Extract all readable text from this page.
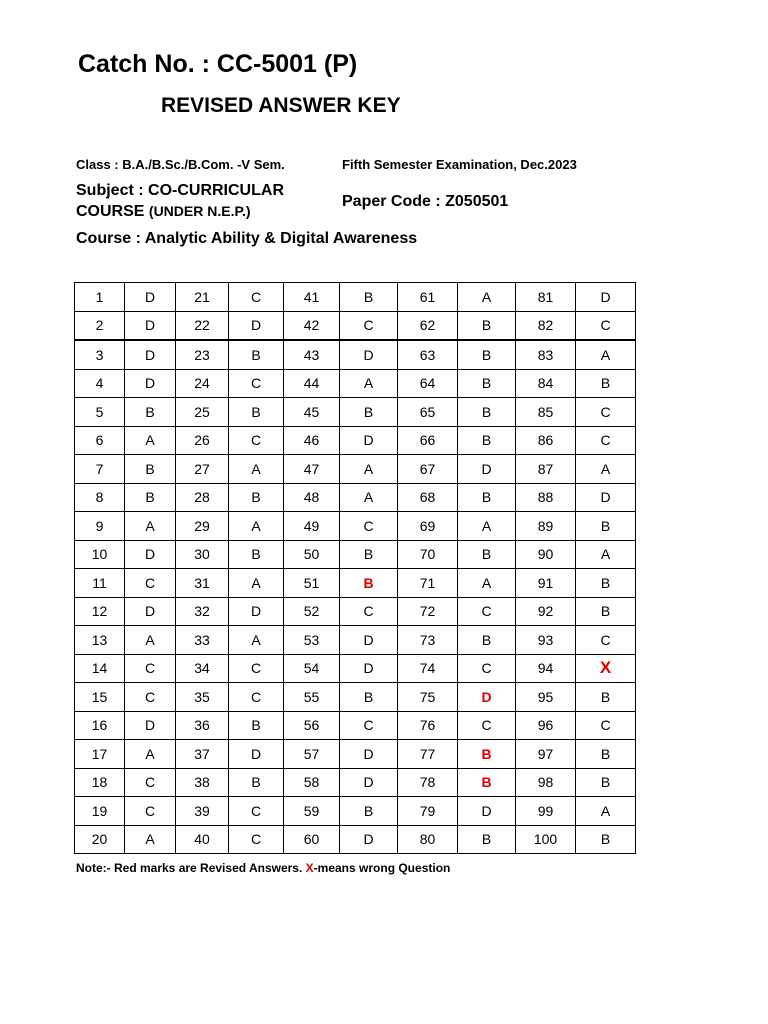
Catch No. : CC-5001 (P)
REVISED ANSWER KEY
Class : B.A./B.Sc./B.Com. -V Sem.	Fifth Semester Examination, Dec.2023
Subject : CO-CURRICULAR
COURSE (UNDER N.E.P.)
Paper Code : Z050501
Course : Analytic Ability & Digital Awareness
1	D	21	C	41	B	61	A	81	D
2	D	22	D	42	C	62	B	82	C
3	D	23	B	43	D	63	B	83	A
4	D	24	C	44	A	64	B	84	B
5	B	25	B	45	B	65	B	85	C
6	A	26	C	46	D	66	B	86	C
7	B	27	A	47	A	67	D	87	A
8	B	28	B	48	A	68	B	88	D
9	A	29	A	49	C	69	A	89	B
10	D	30	B	50	B	70	B	90	A
11	C	31	A	51	B	71	A	91	B
12	D	32	D	52	C	72	C	92	B
13	A	33	A	53	D	73	B	93	C
14	C	34	C	54	D	74	C	94	X
15	C	35	C	55	B	75	D	95	B
16	D	36	B	56	C	76	C	96	C
17	A	37	D	57	D	77	B	97	B
18	C	38	B	58	D	78	B	98	B
19	C	39	C	59	B	79	D	99	A
20	A	40	C	60	D	80	B	100	B
Note:- Red marks are Revised Answers. X-means wrong Question
